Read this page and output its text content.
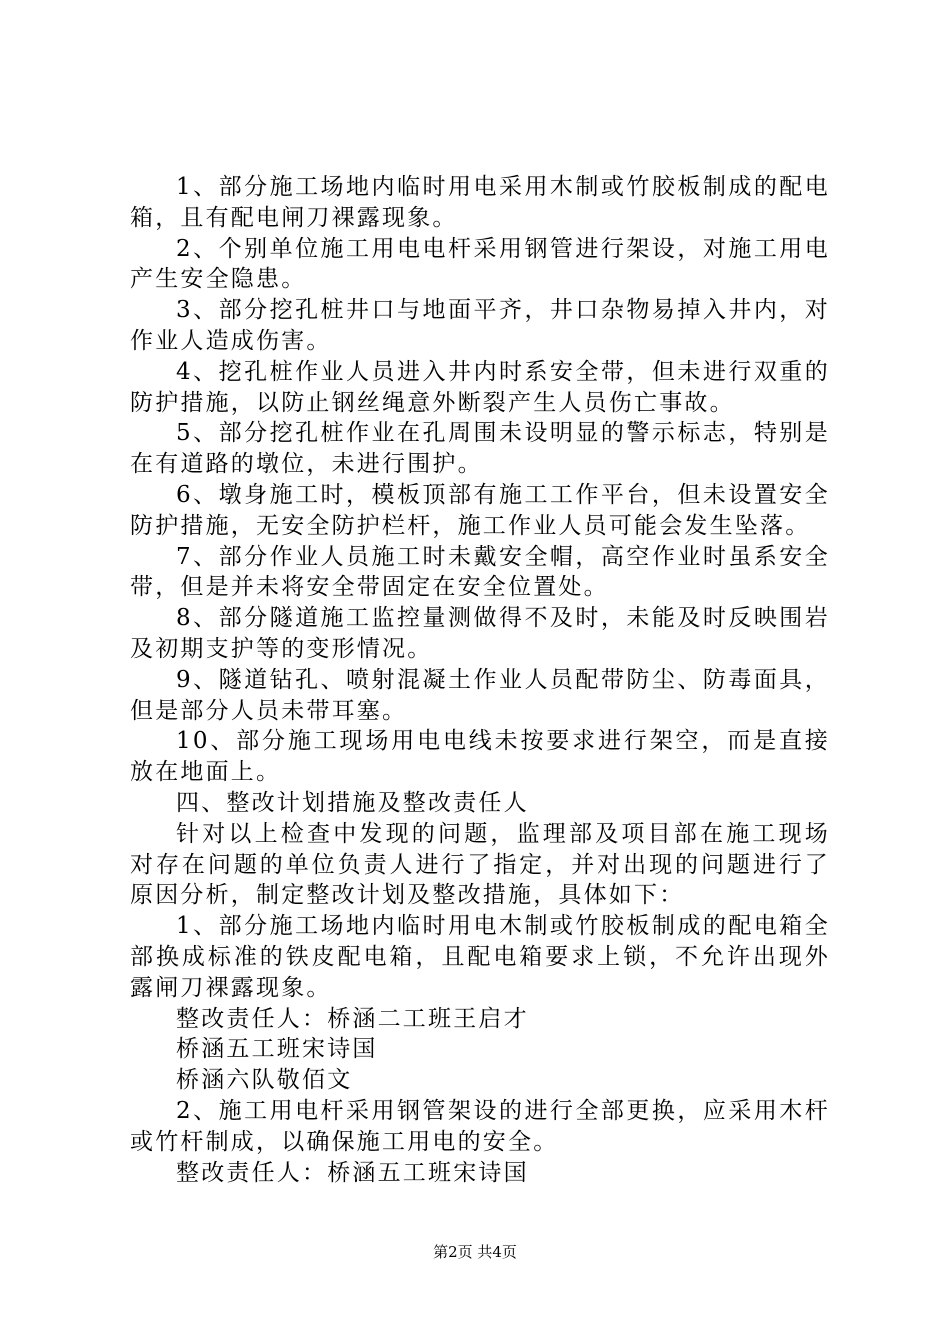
1、部分施工场地内临时用电采用木制或竹胶板制成的配电箱，且有配电闸刀裸露现象。

2、个别单位施工用电电杆采用钢管进行架设，对施工用电产生安全隐患。

3、部分挖孔桩井口与地面平齐，井口杂物易掉入井内，对作业人造成伤害。

4、挖孔桩作业人员进入井内时系安全带，但未进行双重的防护措施，以防止钢丝绳意外断裂产生人员伤亡事故。

5、部分挖孔桩作业在孔周围未设明显的警示标志，特别是在有道路的墩位，未进行围护。

6、墩身施工时，模板顶部有施工工作平台，但未设置安全防护措施，无安全防护栏杆，施工作业人员可能会发生坠落。

7、部分作业人员施工时未戴安全帽，高空作业时虽系安全带，但是并未将安全带固定在安全位置处。

8、部分隧道施工监控量测做得不及时，未能及时反映围岩及初期支护等的变形情况。

9、隧道钻孔、喷射混凝土作业人员配带防尘、防毒面具，但是部分人员未带耳塞。

10、部分施工现场用电电线未按要求进行架空，而是直接放在地面上。

四、整改计划措施及整改责任人

针对以上检查中发现的问题，监理部及项目部在施工现场对存在问题的单位负责人进行了指定，并对出现的问题进行了原因分析，制定整改计划及整改措施，具体如下：

1、部分施工场地内临时用电木制或竹胶板制成的配电箱全部换成标准的铁皮配电箱，且配电箱要求上锁，不允许出现外露闸刀裸露现象。

整改责任人：桥涵二工班王启才

桥涵五工班宋诗国

桥涵六队敬佰文

2、施工用电杆采用钢管架设的进行全部更换，应采用木杆或竹杆制成，以确保施工用电的安全。

整改责任人：桥涵五工班宋诗国

第2页 共4页
